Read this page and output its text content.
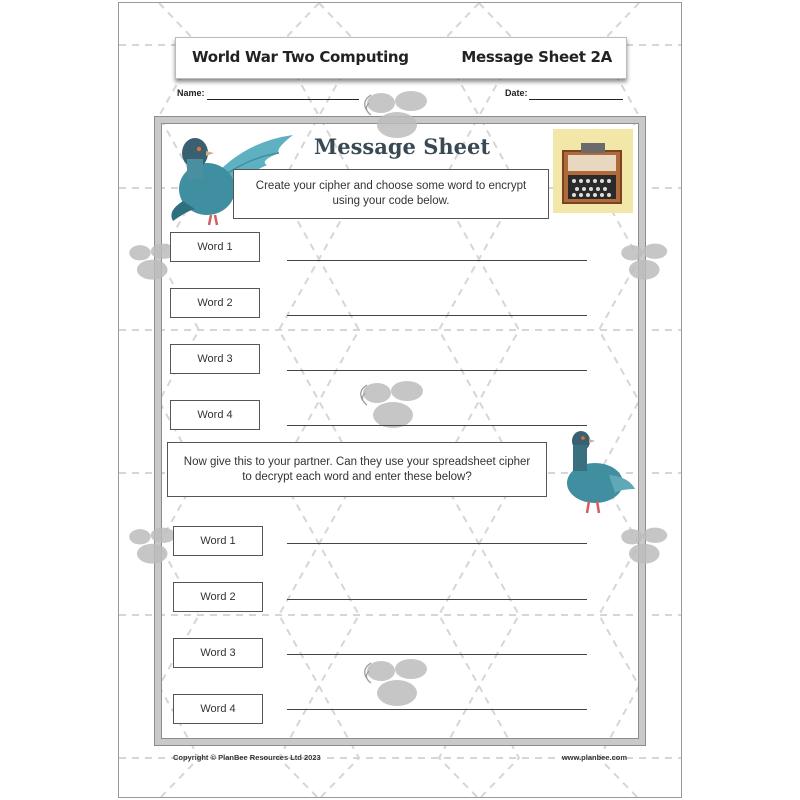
World War Two Computing	Message Sheet 2A
Name:	Date:
Message Sheet
Create your cipher and choose some word to encrypt using your code below.
Word 1
Word 2
Word 3
Word 4
Now give this to your partner. Can they use your spreadsheet cipher to decrypt each word and enter these below?
Word 1
Word 2
Word 3
Word 4
Copyright © PlanBee Resources Ltd 2023	www.planbee.com
